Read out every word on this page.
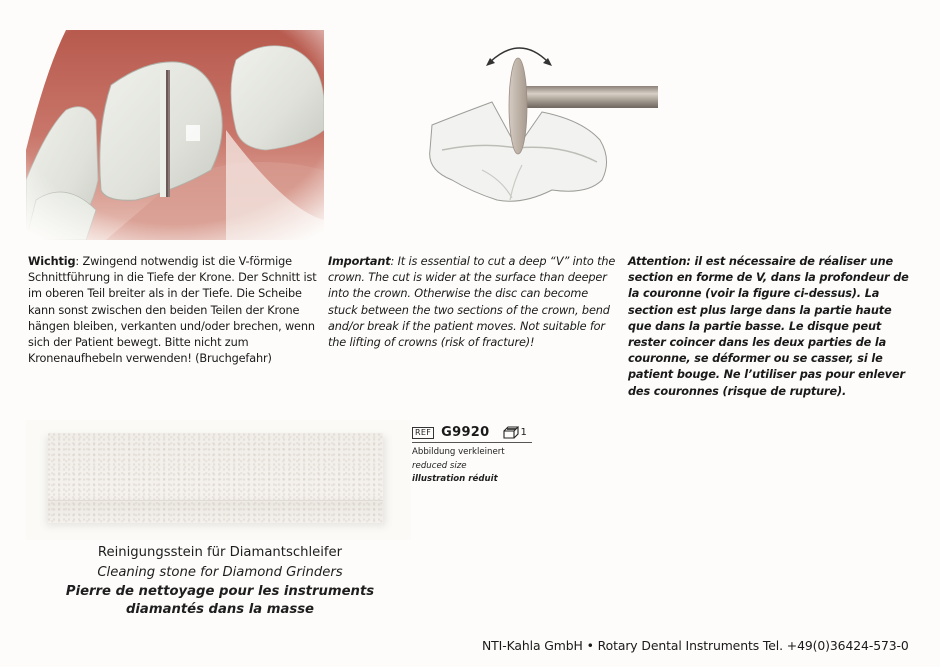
Wichtig: Zwingend notwendig ist die V-förmige Schnittführung in die Tiefe der Krone. Der Schnitt ist im oberen Teil breiter als in der Tiefe. Die Scheibe kann sonst zwischen den beiden Teilen der Krone hängen bleiben, verkanten und/oder brechen, wenn sich der Patient bewegt. Bitte nicht zum Kronenaufhebeln verwenden! (Bruchgefahr)
Important: It is essential to cut a deep “V” into the crown. The cut is wider at the surface than deeper into the crown. Otherwise the disc can become stuck between the two sections of the crown, bend and/or break if the patient moves. Not suitable for the lifting of crowns (risk of fracture)!
Attention: il est nécessaire de réaliser une section en forme de V, dans la profondeur de la couronne (voir la figure ci-dessus). La section est plus large dans la partie haute que dans la partie basse. Le disque peut rester coincer dans les deux parties de la couronne, se déformer ou se casser, si le patient bouge. Ne l’utiliser pas pour enlever des couronnes (risque de rupture).
REF G9920	1
Abbildung verkleinert
reduced size
illustration réduit
Reinigungsstein für Diamantschleifer
Cleaning stone for Diamond Grinders
Pierre de nettoyage pour les instruments diamantés dans la masse
NTI-Kahla GmbH • Rotary Dental Instruments Tel. +49(0)36424-573-0
